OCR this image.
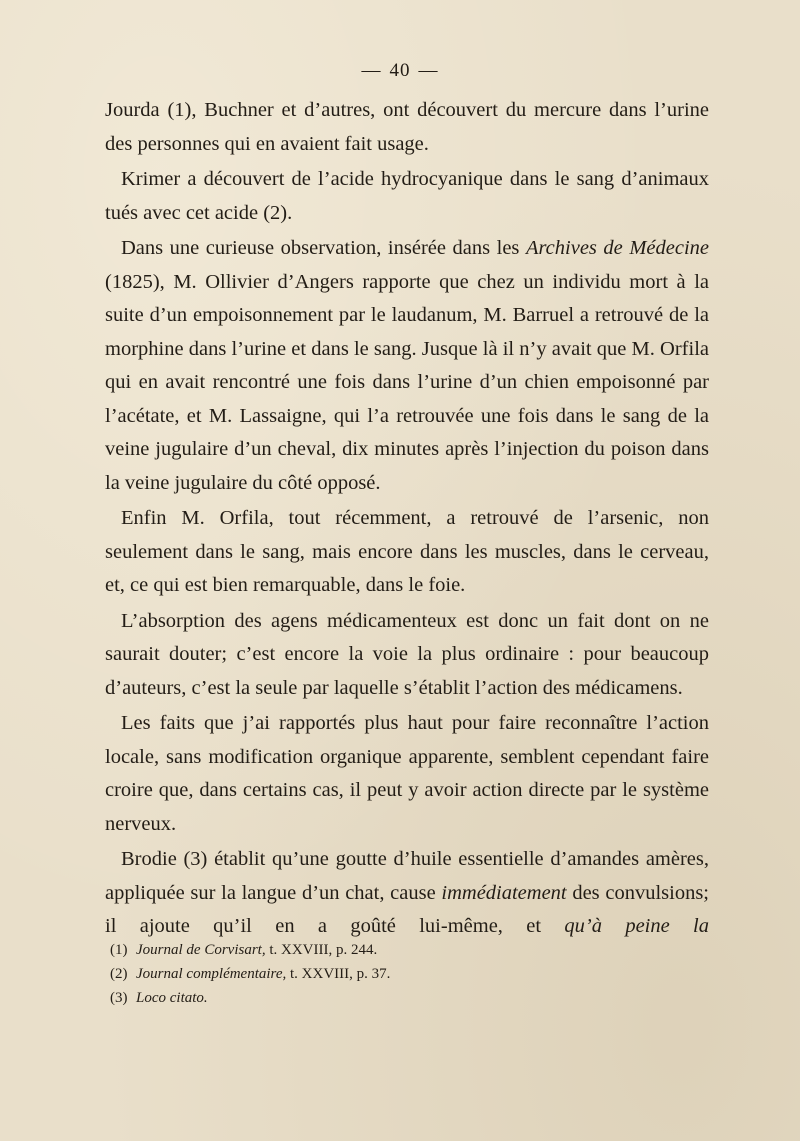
— 40 —

Jourda (1), Buchner et d’autres, ont découvert du mercure dans l’urine des personnes qui en avaient fait usage.

Krimer a découvert de l’acide hydrocyanique dans le sang d’animaux tués avec cet acide (2).

Dans une curieuse observation, insérée dans les Archives de Médecine (1825), M. Ollivier d’Angers rapporte que chez un individu mort à la suite d’un empoisonnement par le laudanum, M. Barruel a retrouvé de la morphine dans l’urine et dans le sang. Jusque là il n’y avait que M. Orfila qui en avait rencontré une fois dans l’urine d’un chien empoisonné par l’acétate, et M. Lassaigne, qui l’a retrouvée une fois dans le sang de la veine jugulaire d’un cheval, dix minutes après l’injection du poison dans la veine jugulaire du côté opposé.

Enfin M. Orfila, tout récemment, a retrouvé de l’arsenic, non seulement dans le sang, mais encore dans les muscles, dans le cerveau, et, ce qui est bien remarquable, dans le foie.

L’absorption des agens médicamenteux est donc un fait dont on ne saurait douter; c’est encore la voie la plus ordinaire : pour beaucoup d’auteurs, c’est la seule par laquelle s’établit l’action des médicamens.

Les faits que j’ai rapportés plus haut pour faire reconnaître l’action locale, sans modification organique apparente, semblent cependant faire croire que, dans certains cas, il peut y avoir action directe par le système nerveux.

Brodie (3) établit qu’une goutte d’huile essentielle d’amandes amères, appliquée sur la langue d’un chat, cause immédiatement des convulsions; il ajoute qu’il en a goûté lui-même, et qu’à peine la

(1) Journal de Corvisart, t. XXVIII, p. 244.

(2) Journal complémentaire, t. XXVIII, p. 37.

(3) Loco citato.
